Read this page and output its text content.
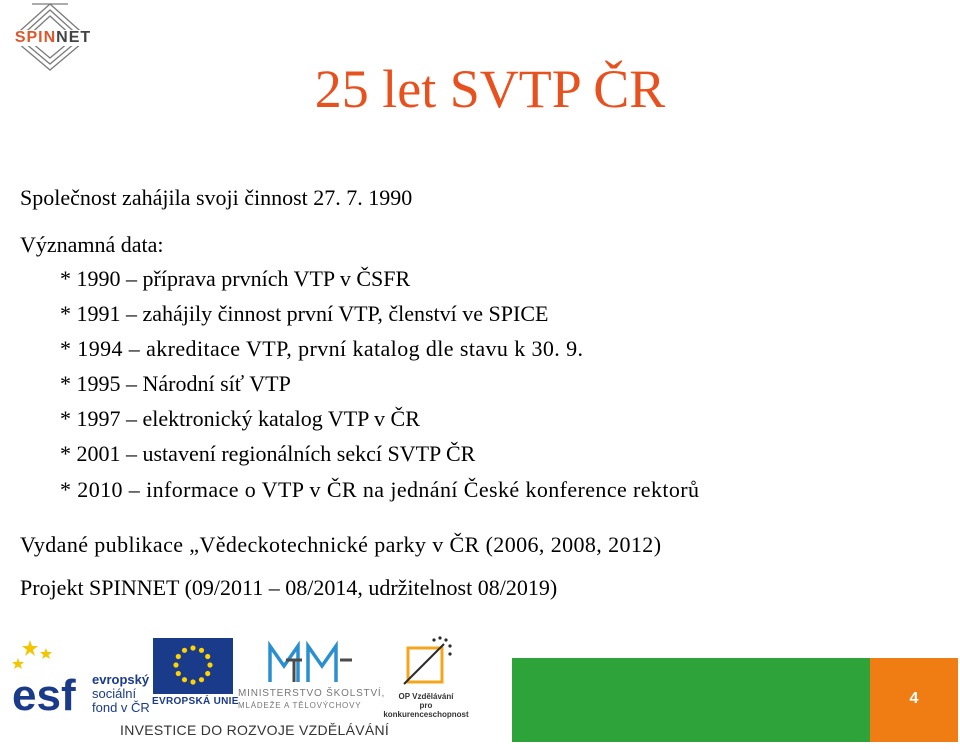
SPINNET
25 let SVTP ČR
Společnost zahájila svoji činnost 27. 7. 1990
Významná data:
* 1990 – příprava prvních VTP v ČSFR
* 1991 – zahájily činnost první VTP, členství ve SPICE
* 1994 – akreditace VTP, první katalog dle stavu k 30. 9.
* 1995 – Národní síť VTP
* 1997 – elektronický katalog VTP v ČR
* 2001 – ustavení regionálních sekcí SVTP ČR
* 2010 – informace o VTP v ČR na jednání České konference rektorů
Vydané publikace „Vědeckotechnické parky v ČR (2006, 2008, 2012)
Projekt SPINNET (09/2011 – 08/2014, udržitelnost 08/2019)
esf evropský
sociální
fond v ČR EVROPSKÁ UNIE
MINISTERSTVO ŠKOLSTVÍ,
MLÁDEŽE A TĚLOVÝCHOVY
OP Vzdělávání
pro konkurenceschopnost
INVESTICE DO ROZVOJE VZDĚLÁVÁNÍ
4
